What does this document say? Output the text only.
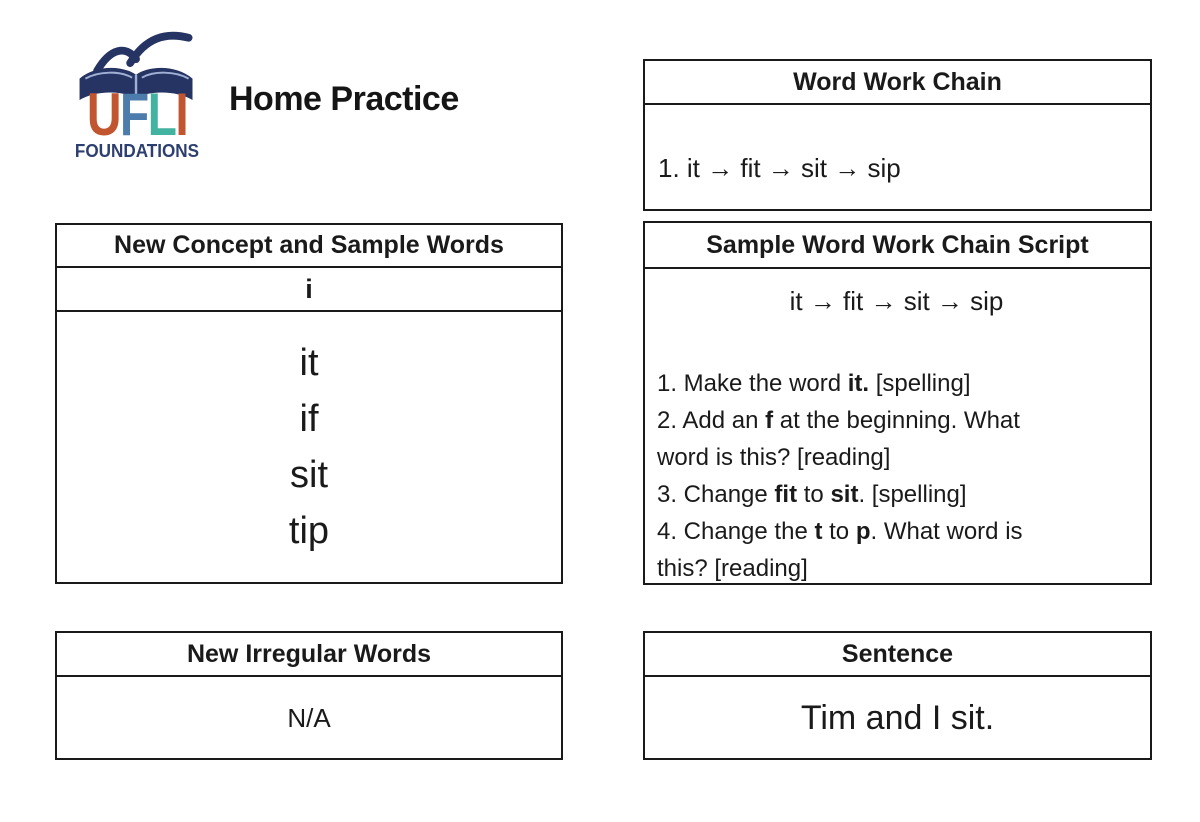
UFLI
FOUNDATIONS
Home Practice	Word Work Chain
1. it → fit → sit → sip
New Concept and Sample Words
i
it
if
sit
tip
Sample Word Work Chain Script
it → fit → sit → sip
1. Make the word it. [spelling]
2. Add an f at the beginning. What
word is this? [reading]
3. Change fit to sit. [spelling]
4. Change the t to p. What word is
this? [reading]
New Irregular Words
N/A
Sentence
Tim and I sit.
